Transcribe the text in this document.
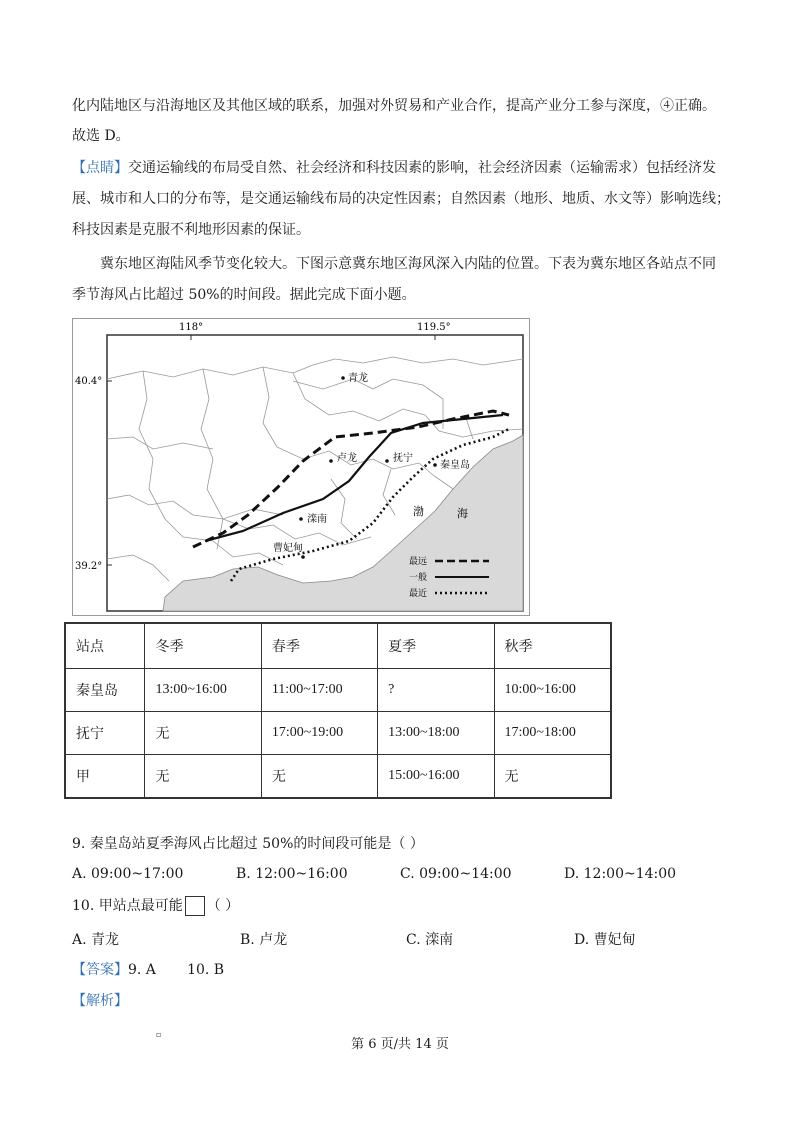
化内陆地区与沿海地区及其他区域的联系，加强对外贸易和产业合作，提高产业分工参与深度，④正确。
故选 D。
【点睛】交通运输线的布局受自然、社会经济和科技因素的影响，社会经济因素（运输需求）包括经济发
展、城市和人口的分布等，是交通运输线布局的决定性因素；自然因素（地形、地质、水文等）影响选线；
科技因素是克服不利地形因素的保证。
冀东地区海陆风季节变化较大。下图示意冀东地区海风深入内陆的位置。下表为冀东地区各站点不同
季节海风占比超过 50%的时间段。据此完成下面小题。
青龙
卢龙	抚宁
秦皇岛
滦南
曹妃甸
渤	海
118°	119.5°
40.4°
39.2°	最远
一般
最近
站点	冬季	春季	夏季	秋季
秦皇岛	13:00~16:00	11:00~17:00	?	10:00~16:00
抚宁	无	17:00~19:00	13:00~18:00	17:00~18:00
甲	无	无	15:00~16:00	无
9. 秦皇岛站夏季海风占比超过 50%的时间段可能是（ ）
A. 09:00~17:00	B. 12:00~16:00	C. 09:00~14:00	D. 12:00~14:00
10. 甲站点最可能 （ ）
A. 青龙	B. 卢龙	C. 滦南	D. 曹妃甸
【答案】9. A       10. B
【解析】
▫
第 6 页/共 14 页
